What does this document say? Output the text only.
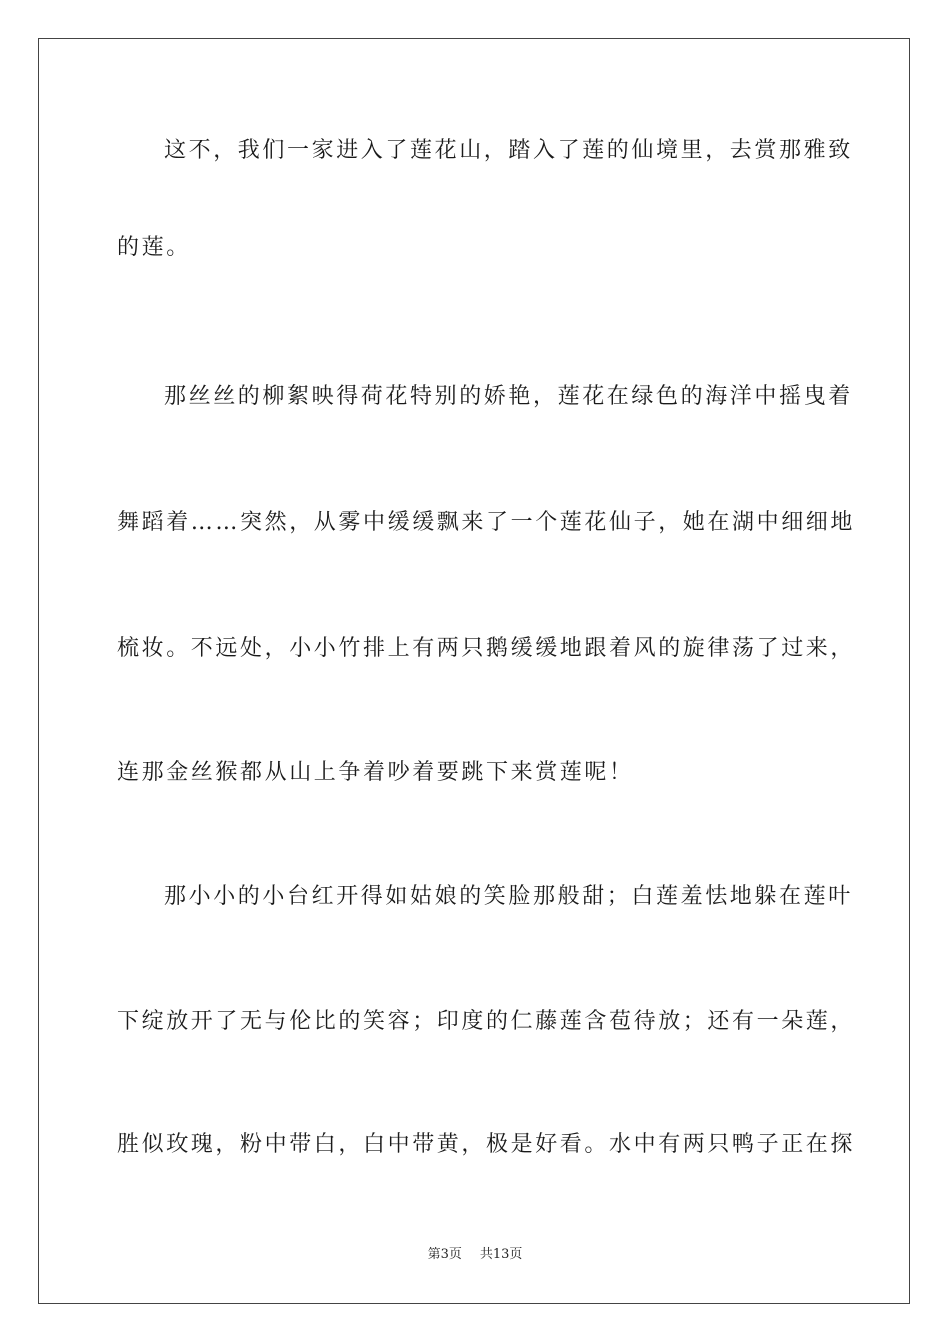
这不，我们一家进入了莲花山，踏入了莲的仙境里，去赏那雅致
的莲。
那丝丝的柳絮映得荷花特别的娇艳，莲花在绿色的海洋中摇曳着
舞蹈着……突然，从雾中缓缓飘来了一个莲花仙子，她在湖中细细地
梳妆。不远处，小小竹排上有两只鹅缓缓地跟着风的旋律荡了过来，
连那金丝猴都从山上争着吵着要跳下来赏莲呢！
那小小的小台红开得如姑娘的笑脸那般甜；白莲羞怯地躲在莲叶
下绽放开了无与伦比的笑容；印度的仁藤莲含苞待放；还有一朵莲，
胜似玫瑰，粉中带白，白中带黄，极是好看。水中有两只鸭子正在探
第3页 共13页
